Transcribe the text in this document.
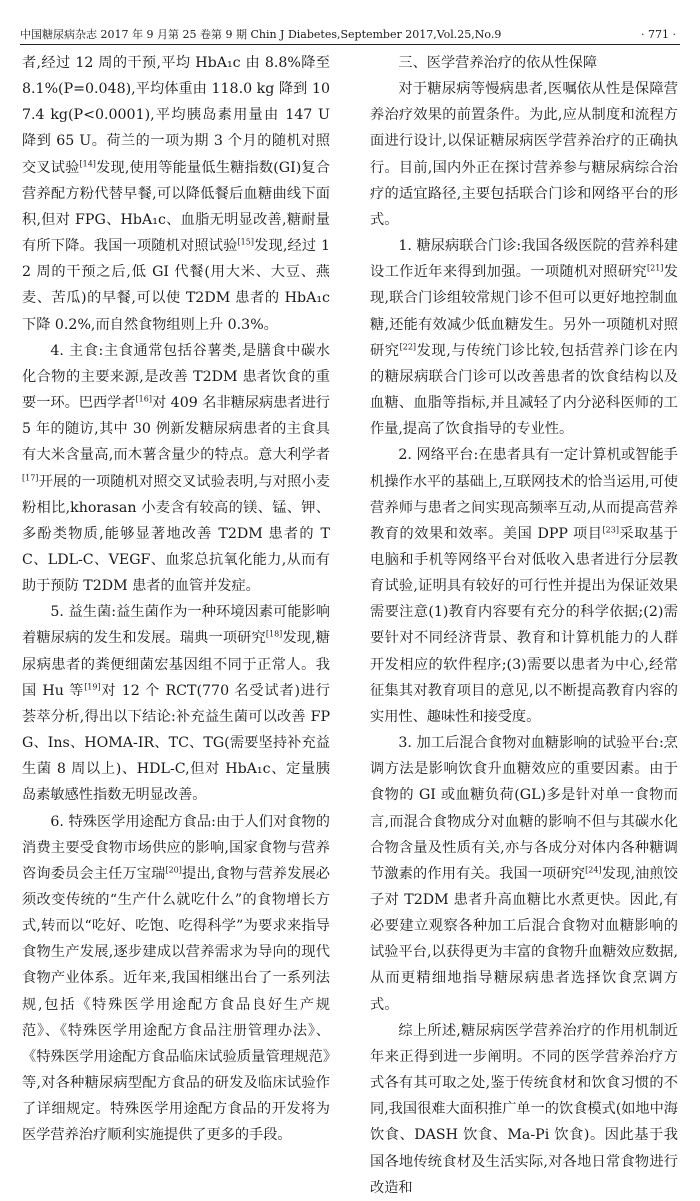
中国糖尿病杂志 2017 年 9 月第 25 卷第 9 期 Chin J Diabetes,September 2017,Vol.25,No.9	· 771 ·

者,经过 12 周的干预,平均 HbA₁c 由 8.8%降至 8.1%(P=0.048),平均体重由 118.0 kg 降到 107.4 kg(P<0.0001),平均胰岛素用量由 147 U 降到 65 U。荷兰的一项为期 3 个月的随机对照交叉试验[14]发现,使用等能量低生糖指数(GI)复合营养配方粉代替早餐,可以降低餐后血糖曲线下面积,但对 FPG、HbA₁c、血脂无明显改善,糖耐量有所下降。我国一项随机对照试验[15]发现,经过 12 周的干预之后,低 GI 代餐(用大米、大豆、燕麦、苦瓜)的早餐,可以使 T2DM 患者的 HbA₁c 下降 0.2%,而自然食物组则上升 0.3%。

4. 主食:主食通常包括谷薯类,是膳食中碳水化合物的主要来源,是改善 T2DM 患者饮食的重要一环。巴西学者[16]对 409 名非糖尿病患者进行 5 年的随访,其中 30 例新发糖尿病患者的主食具有大米含量高,而木薯含量少的特点。意大利学者[17]开展的一项随机对照交叉试验表明,与对照小麦粉相比,khorasan 小麦含有较高的镁、锰、钾、多酚类物质,能够显著地改善 T2DM 患者的 TC、LDL-C、VEGF、血浆总抗氧化能力,从而有助于预防 T2DM 患者的血管并发症。

5. 益生菌:益生菌作为一种环境因素可能影响着糖尿病的发生和发展。瑞典一项研究[18]发现,糖尿病患者的粪便细菌宏基因组不同于正常人。我国 Hu 等[19]对 12 个 RCT(770 名受试者)进行荟萃分析,得出以下结论:补充益生菌可以改善 FPG、Ins、HOMA-IR、TC、TG(需要坚持补充益生菌 8 周以上)、HDL-C,但对 HbA₁c、定量胰岛素敏感性指数无明显改善。

6. 特殊医学用途配方食品:由于人们对食物的消费主要受食物市场供应的影响,国家食物与营养咨询委员会主任万宝瑞[20]提出,食物与营养发展必须改变传统的“生产什么就吃什么”的食物增长方式,转而以“吃好、吃饱、吃得科学”为要求来指导食物生产发展,逐步建成以营养需求为导向的现代食物产业体系。近年来,我国相继出台了一系列法规,包括《特殊医学用途配方食品良好生产规范》、《特殊医学用途配方食品注册管理办法》、《特殊医学用途配方食品临床试验质量管理规范》等,对各种糖尿病型配方食品的研发及临床试验作了详细规定。特殊医学用途配方食品的开发将为医学营养治疗顺利实施提供了更多的手段。

三、医学营养治疗的依从性保障

对于糖尿病等慢病患者,医嘱依从性是保障营养治疗效果的前置条件。为此,应从制度和流程方面进行设计,以保证糖尿病医学营养治疗的正确执行。目前,国内外正在探讨营养参与糖尿病综合治疗的适宜路径,主要包括联合门诊和网络平台的形式。

1. 糖尿病联合门诊:我国各级医院的营养科建设工作近年来得到加强。一项随机对照研究[21]发现,联合门诊组较常规门诊不但可以更好地控制血糖,还能有效减少低血糖发生。另外一项随机对照研究[22]发现,与传统门诊比较,包括营养门诊在内的糖尿病联合门诊可以改善患者的饮食结构以及血糖、血脂等指标,并且减轻了内分泌科医师的工作量,提高了饮食指导的专业性。

2. 网络平台:在患者具有一定计算机或智能手机操作水平的基础上,互联网技术的恰当运用,可使营养师与患者之间实现高频率互动,从而提高营养教育的效果和效率。美国 DPP 项目[23]采取基于电脑和手机等网络平台对低收入患者进行分层教育试验,证明具有较好的可行性并提出为保证效果需要注意(1)教育内容要有充分的科学依据;(2)需要针对不同经济背景、教育和计算机能力的人群开发相应的软件程序;(3)需要以患者为中心,经常征集其对教育项目的意见,以不断提高教育内容的实用性、趣味性和接受度。

3. 加工后混合食物对血糖影响的试验平台:烹调方法是影响饮食升血糖效应的重要因素。由于食物的 GI 或血糖负荷(GL)多是针对单一食物而言,而混合食物成分对血糖的影响不但与其碳水化合物含量及性质有关,亦与各成分对体内各种糖调节激素的作用有关。我国一项研究[24]发现,油煎饺子对 T2DM 患者升高血糖比水煮更快。因此,有必要建立观察各种加工后混合食物对血糖影响的试验平台,以获得更为丰富的食物升血糖效应数据,从而更精细地指导糖尿病患者选择饮食烹调方式。

综上所述,糖尿病医学营养治疗的作用机制近年来正得到进一步阐明。不同的医学营养治疗方式各有其可取之处,鉴于传统食材和饮食习惯的不同,我国很难大面积推广单一的饮食模式(如地中海饮食、DASH 饮食、Ma-Pi 饮食)。因此基于我国各地传统食材及生活实际,对各地日常食物进行改造和
